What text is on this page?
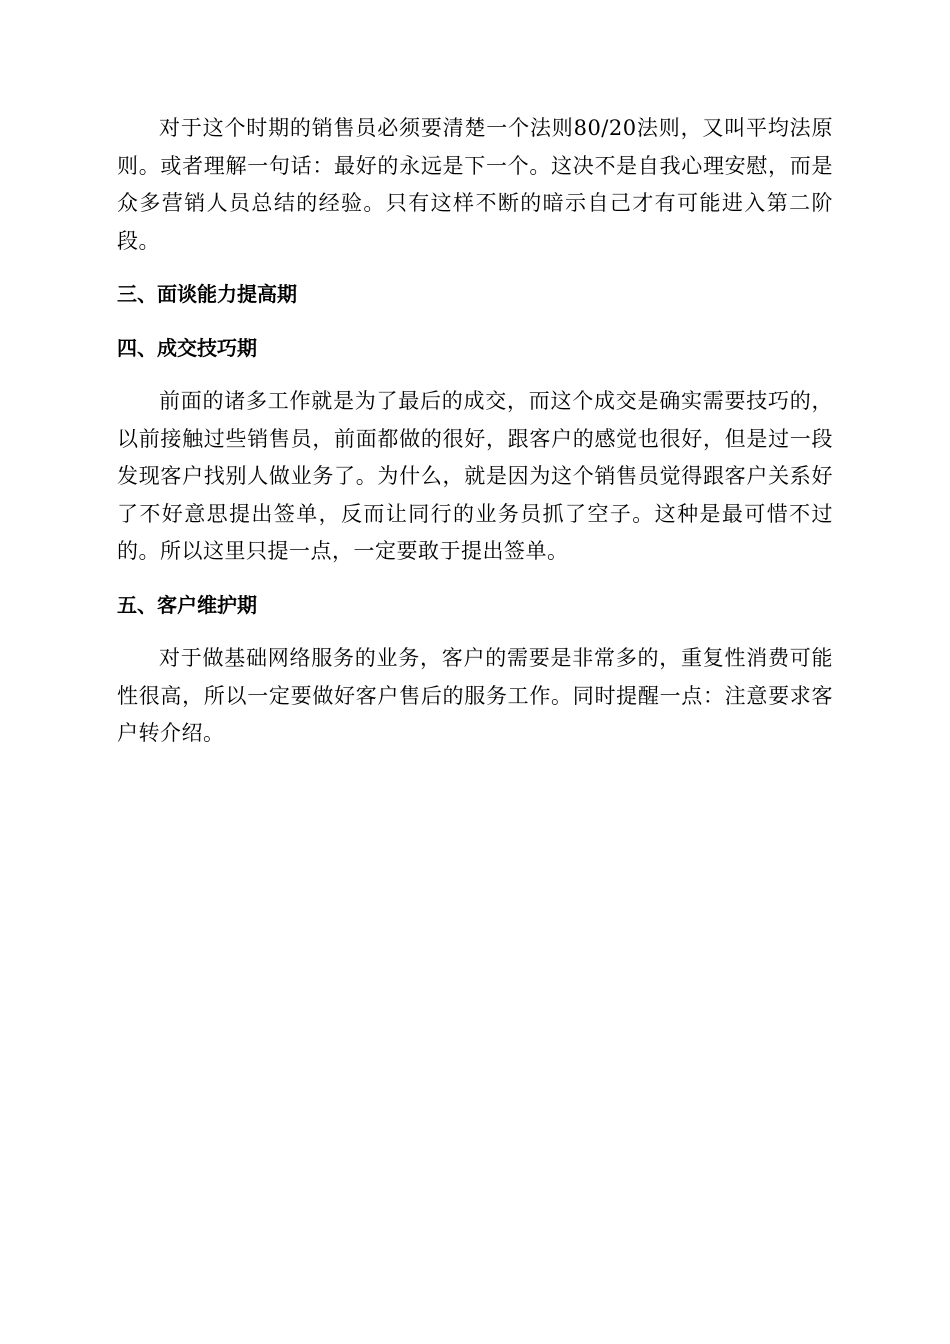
对于这个时期的销售员必须要清楚一个法则80/20法则，又叫平均法原则。或者理解一句话：最好的永远是下一个。这决不是自我心理安慰，而是众多营销人员总结的经验。只有这样不断的暗示自己才有可能进入第二阶段。

三、面谈能力提高期
四、成交技巧期

前面的诸多工作就是为了最后的成交，而这个成交是确实需要技巧的，以前接触过些销售员，前面都做的很好，跟客户的感觉也很好，但是过一段发现客户找别人做业务了。为什么，就是因为这个销售员觉得跟客户关系好了不好意思提出签单，反而让同行的业务员抓了空子。这种是最可惜不过的。所以这里只提一点，一定要敢于提出签单。

五、客户维护期

对于做基础网络服务的业务，客户的需要是非常多的，重复性消费可能性很高，所以一定要做好客户售后的服务工作。同时提醒一点：注意要求客户转介绍。
